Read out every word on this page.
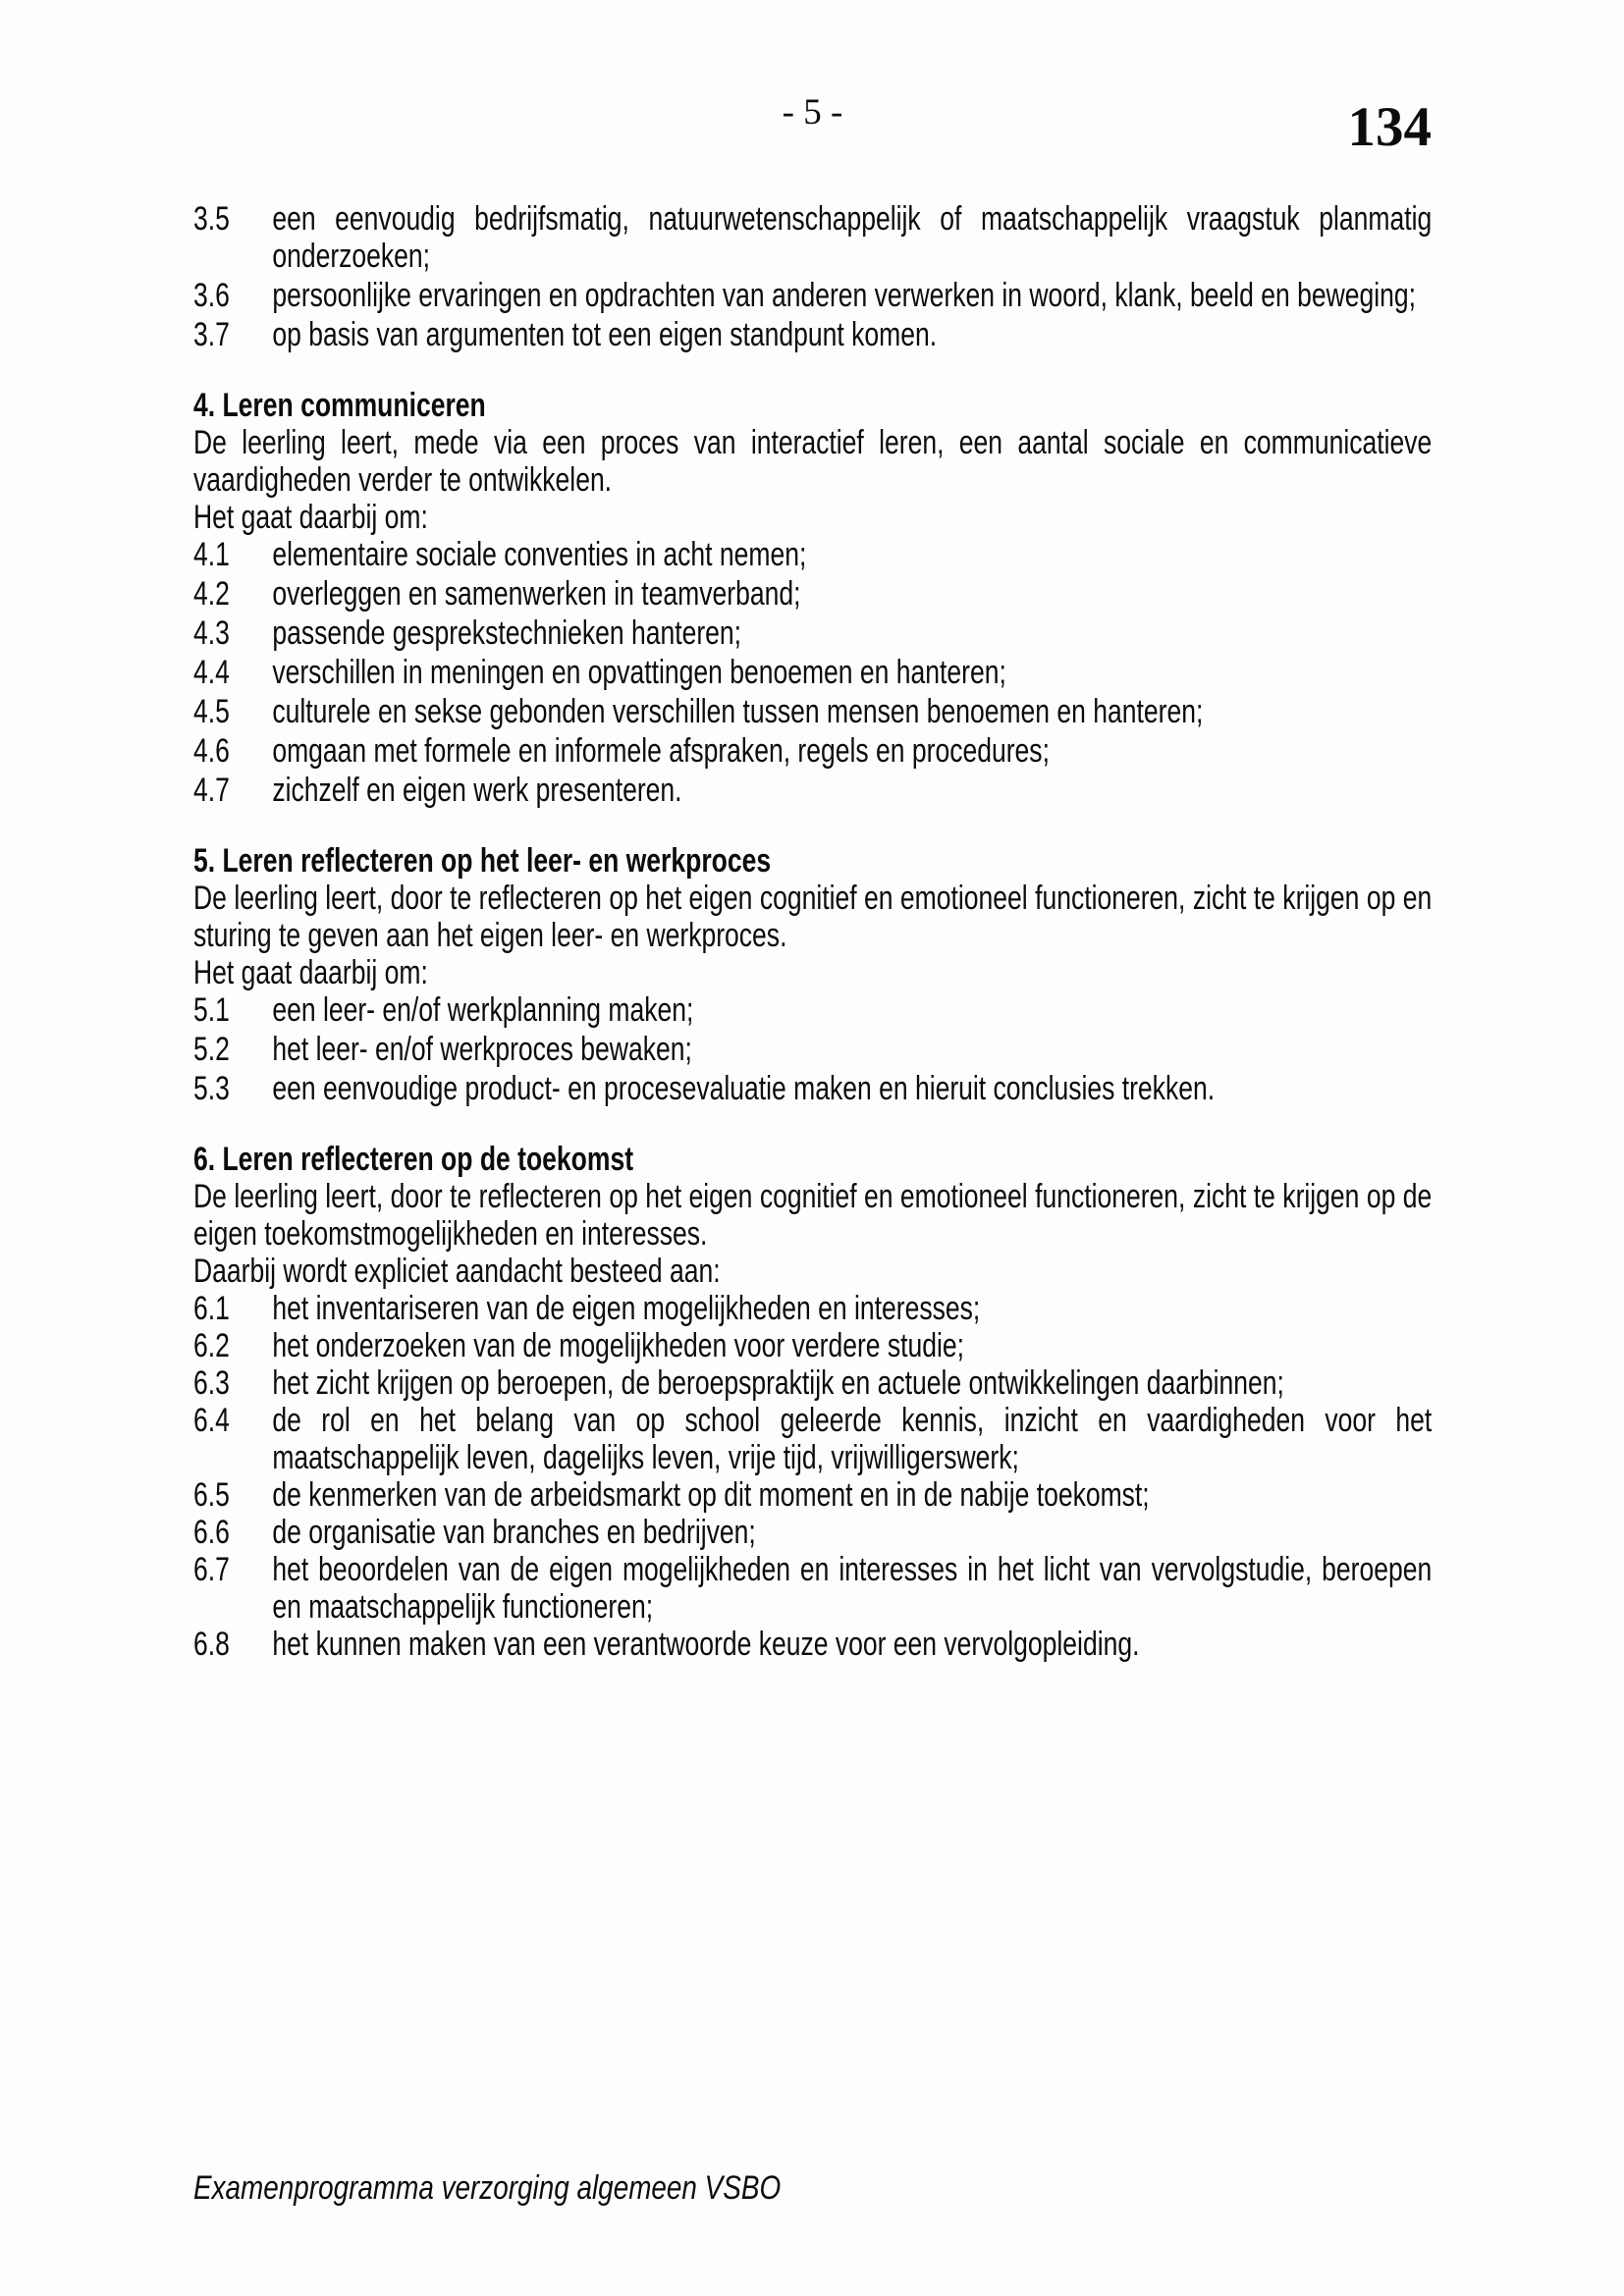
- 5 -	134
3.5	een eenvoudig bedrijfsmatig, natuurwetenschappelijk of maatschappelijk vraagstuk planmatig onderzoeken;
3.6	persoonlijke ervaringen en opdrachten van anderen verwerken in woord, klank, beeld en beweging;
3.7	op basis van argumenten tot een eigen standpunt komen.
4. Leren communiceren

De leerling leert, mede via een proces van interactief leren, een aantal sociale en communicatieve vaardigheden verder te ontwikkelen.

Het gaat daarbij om:

4.1	elementaire sociale conventies in acht nemen;
4.2	overleggen en samenwerken in teamverband;
4.3	passende gesprekstechnieken hanteren;
4.4	verschillen in meningen en opvattingen benoemen en hanteren;
4.5	culturele en sekse gebonden verschillen tussen mensen benoemen en hanteren;
4.6	omgaan met formele en informele afspraken, regels en procedures;
4.7	zichzelf en eigen werk presenteren.
5. Leren reflecteren op het leer- en werkproces

De leerling leert, door te reflecteren op het eigen cognitief en emotioneel functioneren, zicht te krijgen op en sturing te geven aan het eigen leer- en werkproces.

Het gaat daarbij om:

5.1	een leer- en/of werkplanning maken;
5.2	het leer- en/of werkproces bewaken;
5.3	een eenvoudige product- en procesevaluatie maken en hieruit conclusies trekken.
6. Leren reflecteren op de toekomst

De leerling leert, door te reflecteren op het eigen cognitief en emotioneel functioneren, zicht te krijgen op de eigen toekomstmogelijkheden en interesses.

Daarbij wordt expliciet aandacht besteed aan:

6.1	het inventariseren van de eigen mogelijkheden en interesses;
6.2	het onderzoeken van de mogelijkheden voor verdere studie;
6.3	het zicht krijgen op beroepen, de beroepspraktijk en actuele ontwikkelingen daarbinnen;
6.4	de rol en het belang van op school geleerde kennis, inzicht en vaardigheden voor het maatschappelijk leven, dagelijks leven, vrije tijd, vrijwilligerswerk;
6.5	de kenmerken van de arbeidsmarkt op dit moment en in de nabije toekomst;
6.6	de organisatie van branches en bedrijven;
6.7	het beoordelen van de eigen mogelijkheden en interesses in het licht van vervolgstudie, beroepen en maatschappelijk functioneren;
6.8	het kunnen maken van een verantwoorde keuze voor een vervolgopleiding.
Examenprogramma verzorging algemeen VSBO
